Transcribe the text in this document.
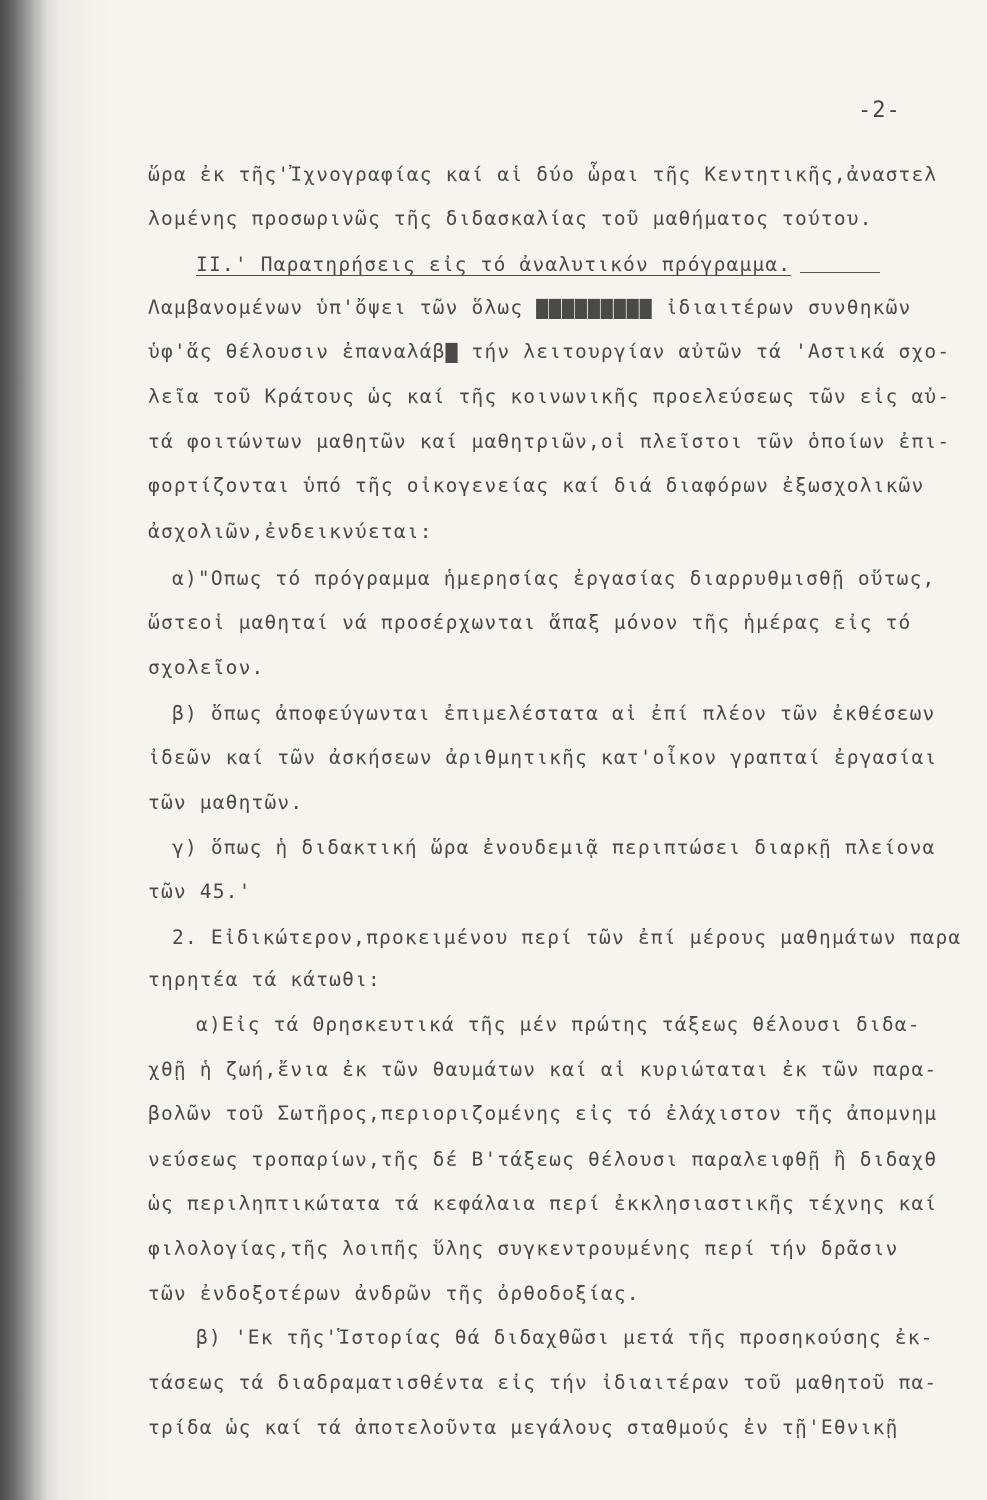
-2-
ὥρα ἐκ τῆς'Ἰχνογραφίας καί αἱ δύο ὧραι τῆς Κεντητικῆς,ἀναστελ
λομένης προσωρινῶς τῆς διδασκαλίας τοῦ μαθήματος τούτου.
II.' Παρατηρήσεις εἰς τό ἀναλυτικόν πρόγραμμα.
Λαμβανομένων ὑπ'ὄψει τῶν ὅλως ▇▇▇▇▇▇▇▇▇ ἰδιαιτέρων συνθηκῶν
ὑφ'ἅς θέλουσιν ἐπαναλάβ▇ τήν λειτουργίαν αὐτῶν τά 'Αστικά σχο-
λεῖα τοῦ Κράτους ὡς καί τῆς κοινωνικῆς προελεύσεως τῶν εἰς αὐ-
τά φοιτώντων μαθητῶν καί μαθητριῶν,οἱ πλεῖστοι τῶν ὁποίων ἐπι-
φορτίζονται ὑπό τῆς οἰκογενείας καί διά διαφόρων ἐξωσχολικῶν
ἀσχολιῶν,ἐνδεικνύεται:
α)"Οπως τό πρόγραμμα ἡμερησίας ἐργασίας διαρρυθμισθῇ οὕτως,
ὥστεοἱ μαθηταί νά προσέρχωνται ἅπαξ μόνον τῆς ἡμέρας εἰς τό
σχολεῖον.
β) ὅπως ἀποφεύγωνται ἐπιμελέστατα αἱ ἐπί πλέον τῶν ἐκθέσεων
ἰδεῶν καί τῶν ἀσκήσεων ἀριθμητικῆς κατ'οἶκον γραπταί ἐργασίαι
τῶν μαθητῶν.
γ) ὅπως ἡ διδακτική ὥρα ἐνουδεμιᾷ περιπτώσει διαρκῇ πλείονα
τῶν 45.'
2. Εἰδικώτερον,προκειμένου περί τῶν ἐπί μέρους μαθημάτων παρα
τηρητέα τά κάτωθι:
α)Εἰς τά Θρησκευτικά τῆς μέν πρώτης τάξεως θέλουσι διδα-
χθῇ ἡ ζωή,ἔνια ἐκ τῶν θαυμάτων καί αἱ κυριώταται ἐκ τῶν παρα-
βολῶν τοῦ Σωτῆρος,περιοριζομένης εἰς τό ἐλάχιστον τῆς ἀπομνημ
νεύσεως τροπαρίων,τῆς δέ Β'τάξεως θέλουσι παραλειφθῇ ἢ διδαχθ
ὡς περιληπτικώτατα τά κεφάλαια περί ἐκκλησιαστικῆς τέχνης καί
φιλολογίας,τῆς λοιπῆς ὕλης συγκεντρουμένης περί τήν δρᾶσιν
τῶν ἐνδοξοτέρων ἀνδρῶν τῆς ὀρθοδοξίας.
β) 'Εκ τῆς'Ἱστορίας θά διδαχθῶσι μετά τῆς προσηκούσης ἐκ-
τάσεως τά διαδραματισθέντα εἰς τήν ἰδιαιτέραν τοῦ μαθητοῦ πα-
τρίδα ὡς καί τά ἀποτελοῦντα μεγάλους σταθμούς ἐν τῇ'Εθνικῇ
